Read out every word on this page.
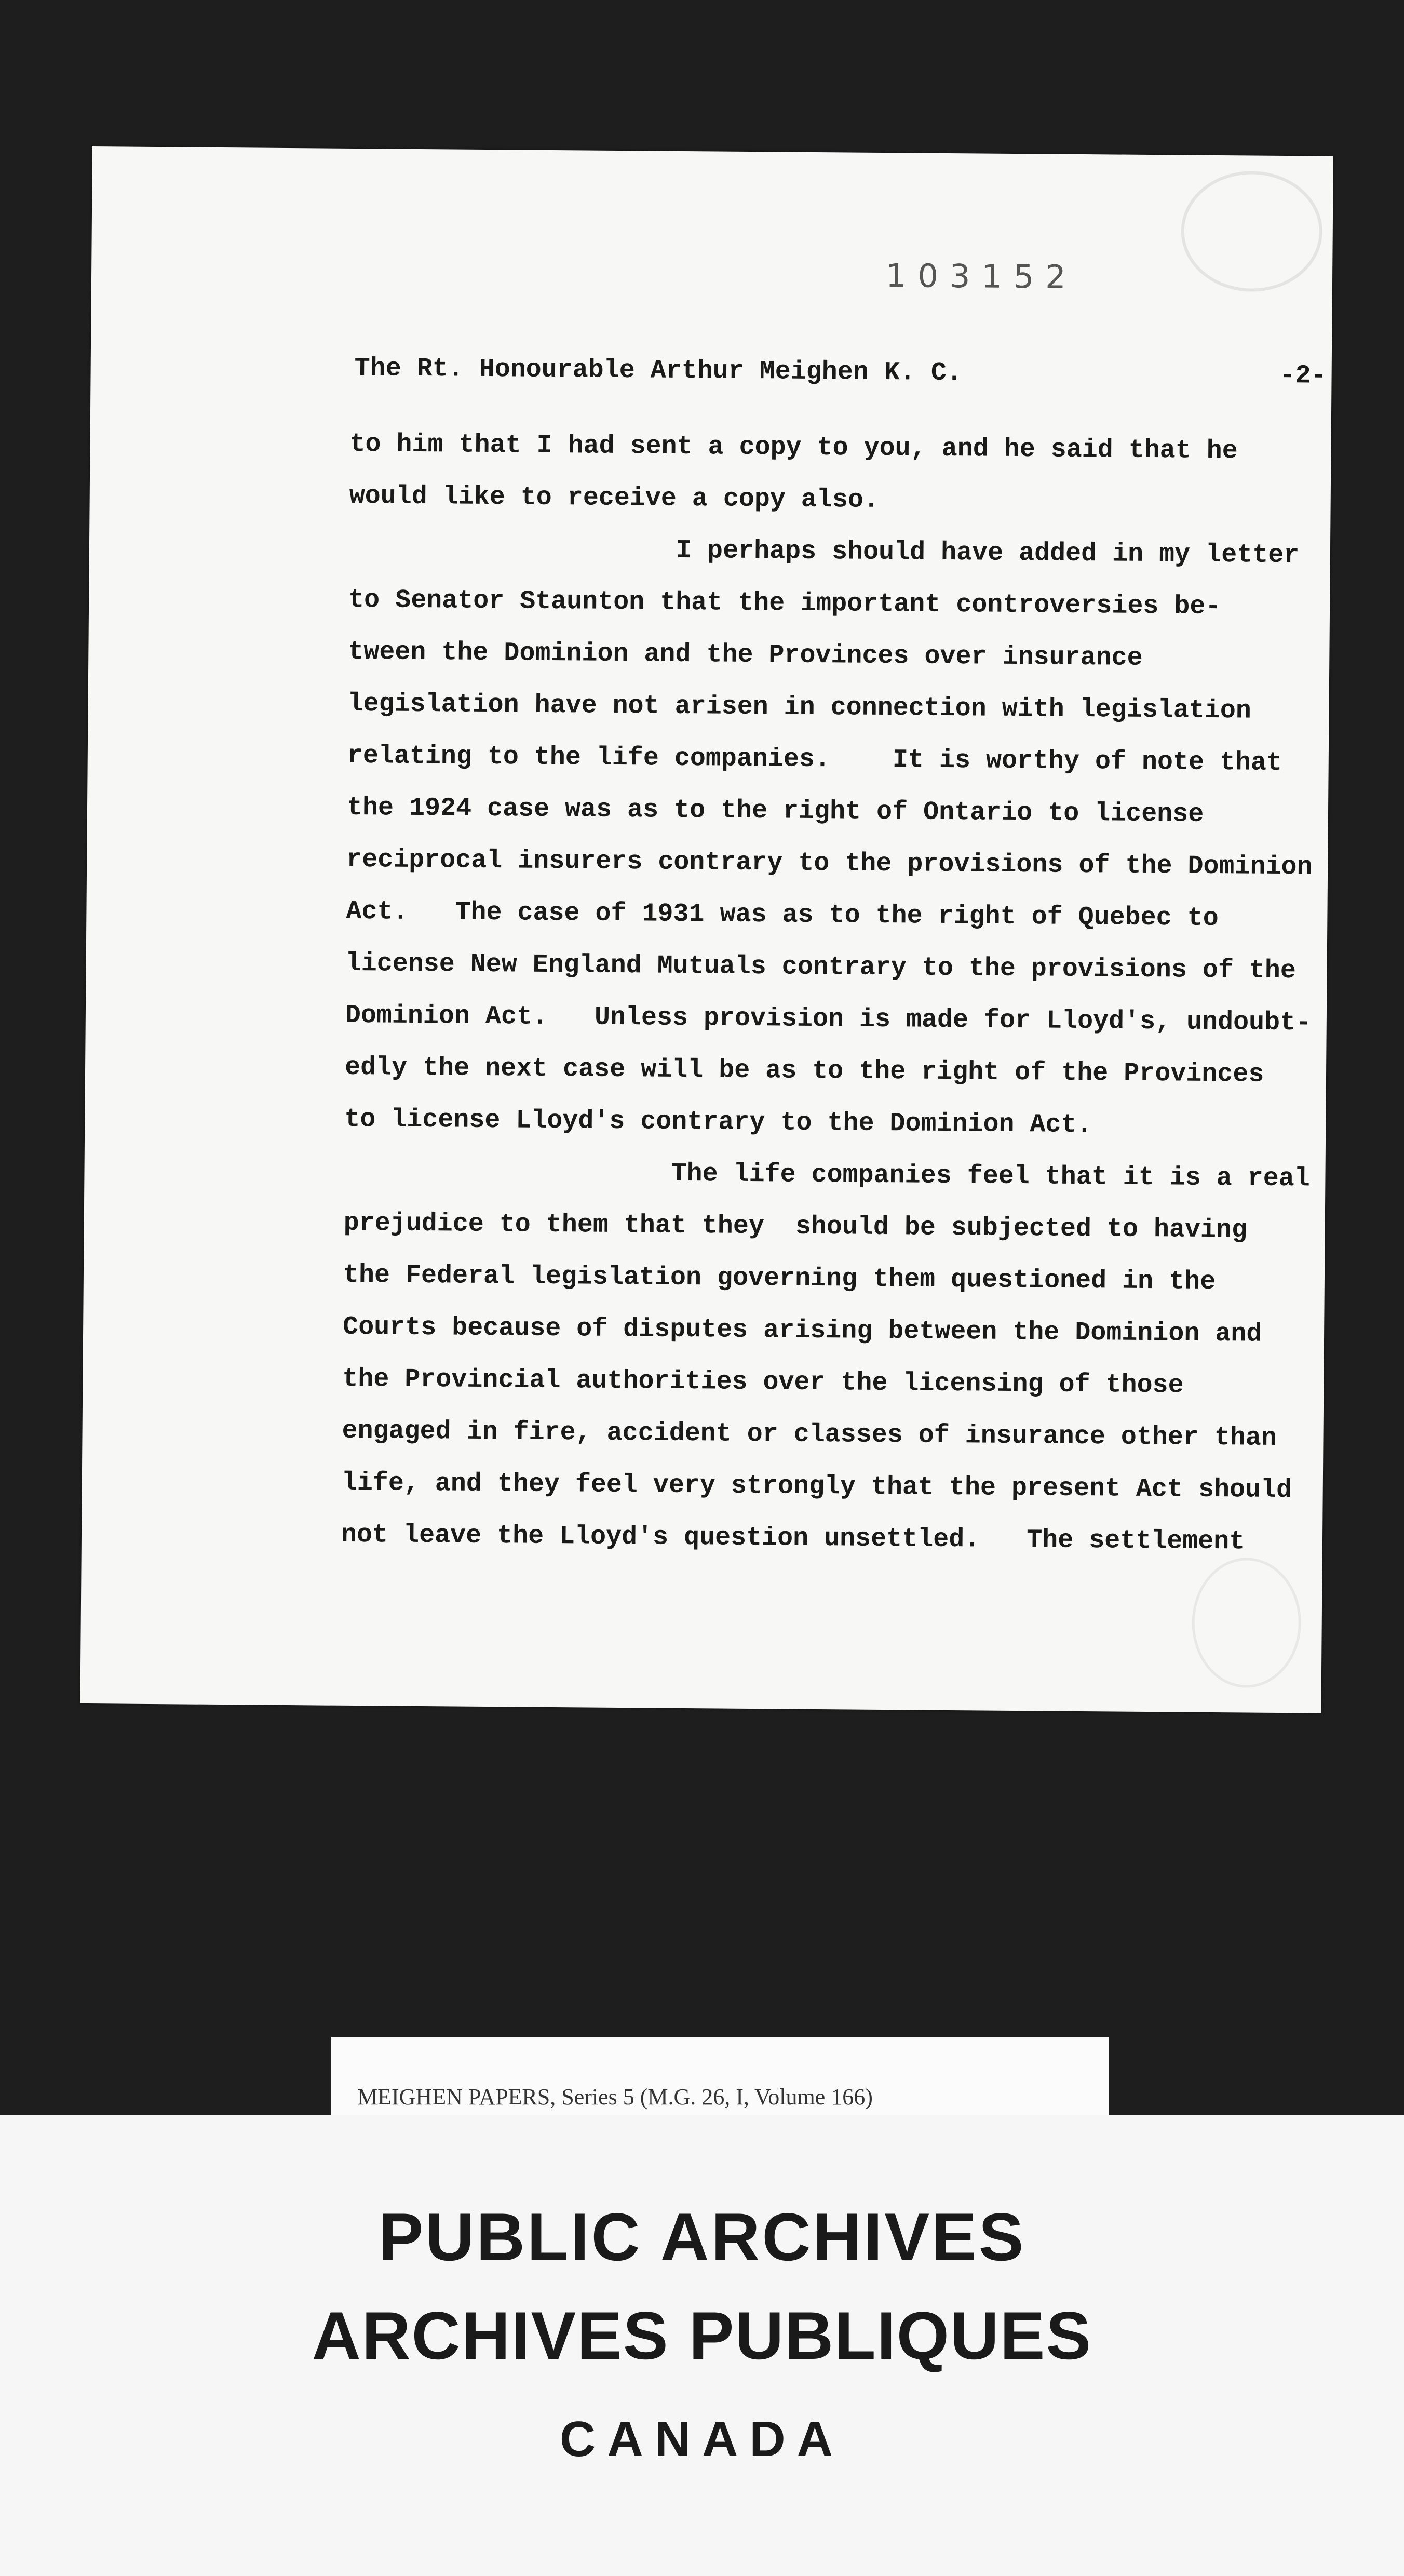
103152
The Rt. Honourable Arthur Meighen K. C.	-2-
to him that I had sent a copy to you, and he said that he
would like to receive a copy also.
I perhaps should have added in my letter
to Senator Staunton that the important controversies be-
tween the Dominion and the Provinces over insurance
legislation have not arisen in connection with legislation
relating to the life companies.    It is worthy of note that
the 1924 case was as to the right of Ontario to license
reciprocal insurers contrary to the provisions of the Dominion
Act.   The case of 1931 was as to the right of Quebec to
license New England Mutuals contrary to the provisions of the
Dominion Act.   Unless provision is made for Lloyd's, undoubt-
edly the next case will be as to the right of the Provinces
to license Lloyd's contrary to the Dominion Act.
The life companies feel that it is a real
prejudice to them that they  should be subjected to having
the Federal legislation governing them questioned in the
Courts because of disputes arising between the Dominion and
the Provincial authorities over the licensing of those
engaged in fire, accident or classes of insurance other than
life, and they feel very strongly that the present Act should
not leave the Lloyd's question unsettled.   The settlement
MEIGHEN PAPERS, Series 5 (M.G. 26, I, Volume 166)
PUBLIC ARCHIVES
ARCHIVES PUBLIQUES
CANADA
